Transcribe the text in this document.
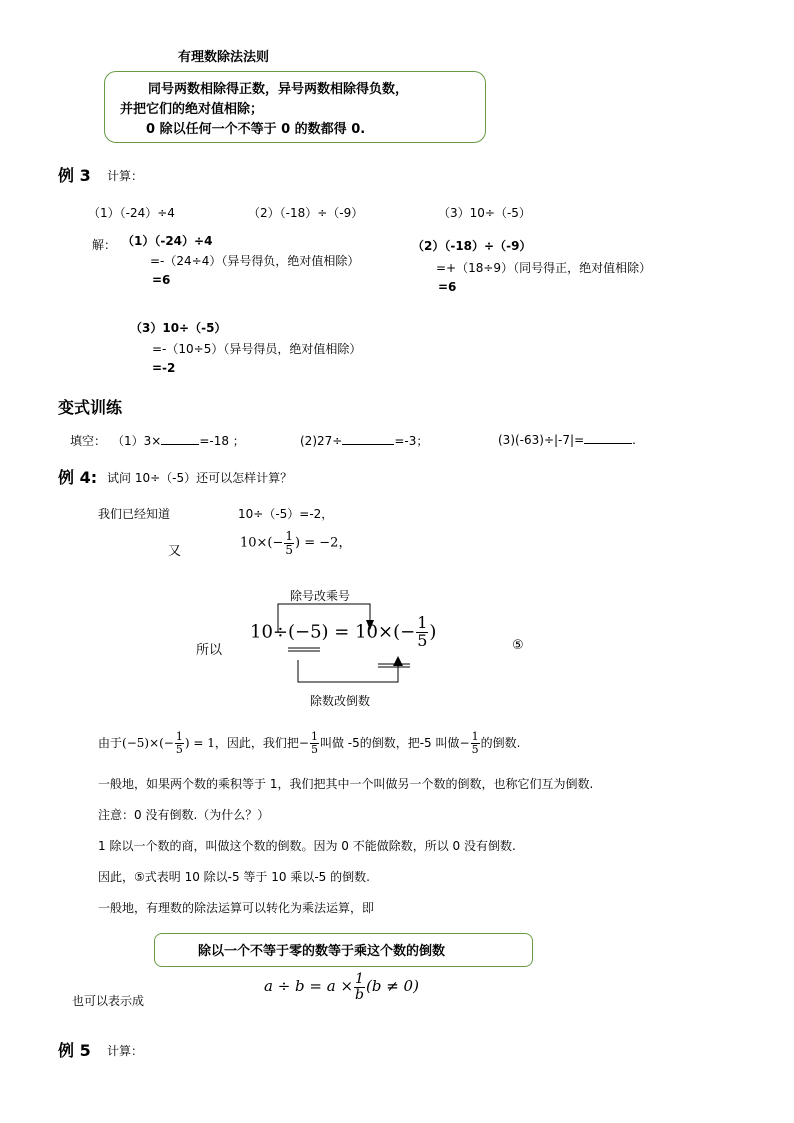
有理数除法法则
同号两数相除得正数，异号两数相除得负数，
并把它们的绝对值相除；
0 除以任何一个不等于 0 的数都得 0.
例 3 计算：
（1）（-24）÷4	（2）（-18）÷（-9）	（3）10÷（-5）
解： （1）（-24）÷4
=-（24÷4）（异号得负，绝对值相除）
=6
（2）（-18）÷（-9）
=+（18÷9）（同号得正，绝对值相除）
=6
（3）10÷（-5）
=-（10÷5）（异号得员，绝对值相除）
=-2
变式训练
填空： （1）3×	=-18 ；	(2)27÷	=-3；	(3)(-63)÷|-7|=	.
例 4: 试问 10÷（-5）还可以怎样计算？
我们已经知道	10÷（-5）=-2，
又
$10\times(- \frac{1}{5}$ ) = −2，
除号改乘号
所以
$10\div(-5) = 10\times(- \frac{1}{5}$ )
⑤
除数改倒数
由于$(-5)\times(- \frac{1}{5}$ ) = 1，因此，我们把− $\frac{1}{5}$ 叫做 -5的倒数，把-5 叫做− $\frac{1}{5}$ 的倒数.
一般地，如果两个数的乘积等于 1，我们把其中一个叫做另一个数的倒数，也称它们互为倒数.
注意：0 没有倒数.（为什么？）
1 除以一个数的商，叫做这个数的倒数。因为 0 不能做除数，所以 0 没有倒数.
因此，⑤式表明 10 除以-5 等于 10 乘以-5 的倒数.
一般地，有理数的除法运算可以转化为乘法运算，即
除以一个不等于零的数等于乘这个数的倒数
也可以表示成
$a \div b = a \times \frac{1}{b} (b \ne 0)$
例 5 计算：
